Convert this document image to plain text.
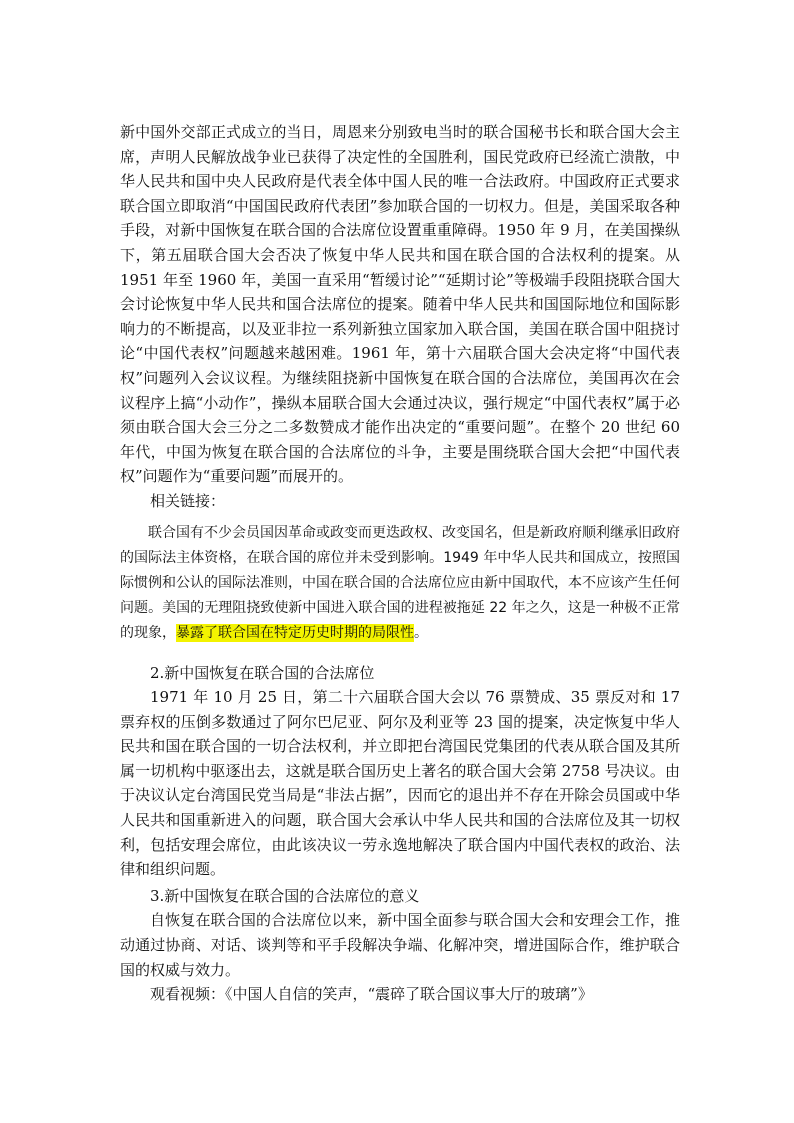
新中国外交部正式成立的当日，周恩来分别致电当时的联合国秘书长和联合国大会主席，声明人民解放战争业已获得了决定性的全国胜利，国民党政府已经流亡溃散，中华人民共和国中央人民政府是代表全体中国人民的唯一合法政府。中国政府正式要求联合国立即取消“中国国民政府代表团”参加联合国的一切权力。但是，美国采取各种手段，对新中国恢复在联合国的合法席位设置重重障碍。1950 年 9 月，在美国操纵下，第五届联合国大会否决了恢复中华人民共和国在联合国的合法权利的提案。从 1951 年至 1960 年，美国一直采用“暂缓讨论”“延期讨论”等极端手段阻挠联合国大会讨论恢复中华人民共和国合法席位的提案。随着中华人民共和国国际地位和国际影响力的不断提高，以及亚非拉一系列新独立国家加入联合国，美国在联合国中阻挠讨论“中国代表权”问题越来越困难。1961 年，第十六届联合国大会决定将“中国代表权”问题列入会议议程。为继续阻挠新中国恢复在联合国的合法席位，美国再次在会议程序上搞“小动作”，操纵本届联合国大会通过决议，强行规定“中国代表权”属于必须由联合国大会三分之二多数赞成才能作出决定的“重要问题”。在整个 20 世纪 60 年代，中国为恢复在联合国的合法席位的斗争，主要是围绕联合国大会把“中国代表权”问题作为“重要问题”而展开的。

相关链接：

联合国有不少会员国因革命或政变而更迭政权、改变国名，但是新政府顺利继承旧政府的国际法主体资格，在联合国的席位并未受到影响。1949 年中华人民共和国成立，按照国际惯例和公认的国际法准则，中国在联合国的合法席位应由新中国取代，本不应该产生任何问题。美国的无理阻挠致使新中国进入联合国的进程被拖延 22 年之久，这是一种极不正常的现象，暴露了联合国在特定历史时期的局限性。

2.新中国恢复在联合国的合法席位

1971 年 10 月 25 日，第二十六届联合国大会以 76 票赞成、35 票反对和 17 票弃权的压倒多数通过了阿尔巴尼亚、阿尔及利亚等 23 国的提案，决定恢复中华人民共和国在联合国的一切合法权利，并立即把台湾国民党集团的代表从联合国及其所属一切机构中驱逐出去，这就是联合国历史上著名的联合国大会第 2758 号决议。由于决议认定台湾国民党当局是“非法占据”，因而它的退出并不存在开除会员国或中华人民共和国重新进入的问题，联合国大会承认中华人民共和国的合法席位及其一切权利，包括安理会席位，由此该决议一劳永逸地解决了联合国内中国代表权的政治、法律和组织问题。

3.新中国恢复在联合国的合法席位的意义

自恢复在联合国的合法席位以来，新中国全面参与联合国大会和安理会工作，推动通过协商、对话、谈判等和平手段解决争端、化解冲突，增进国际合作，维护联合国的权威与效力。

观看视频：《中国人自信的笑声，“震碎了联合国议事大厅的玻璃”》
